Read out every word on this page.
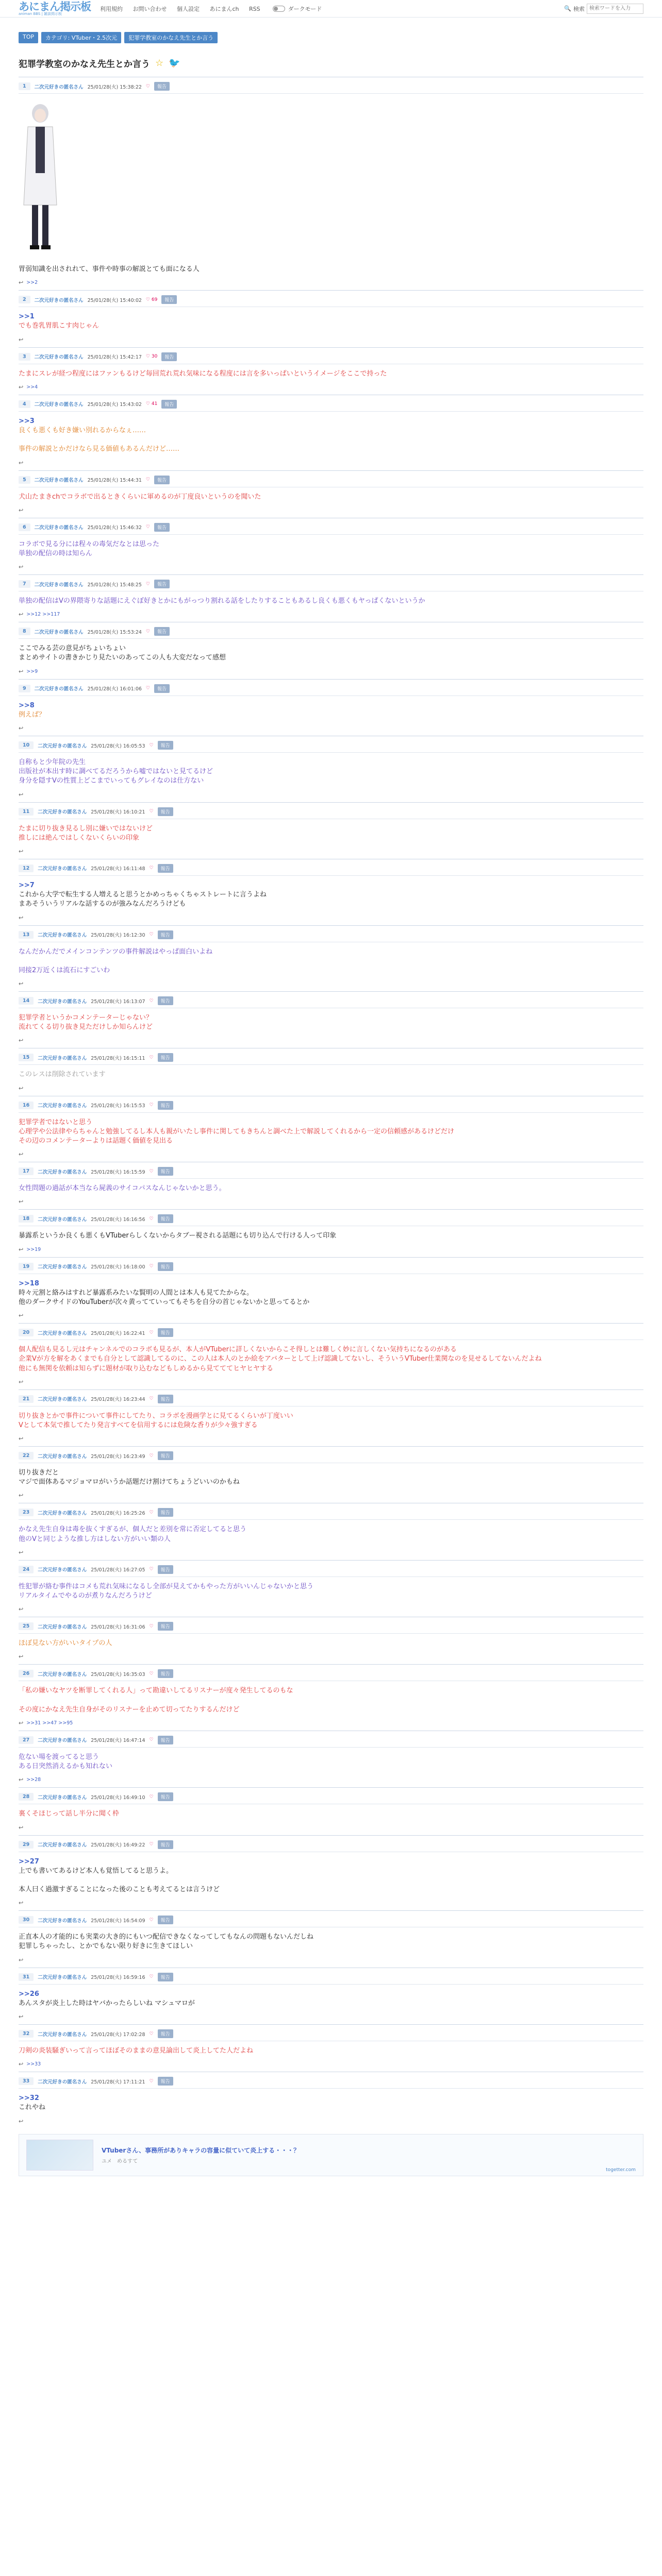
あにまん掲示板
animan BBS | 雑談掲示板
利用規約 お問い合わせ 個人設定 あにまんch RSS	ダークモード	🔍 検索
検索ワードを入力
TOP	カテゴリ: VTuber・2.5次元	犯罪学教室のかなえ先生とか言う
犯罪学教室のかなえ先生とか言う ☆ 🐦
1	二次元好きの匿名さん 25/01/28(火) 15:38:22 ♡	報告
胃弱知識を出されれて、事件や時事の解説とても面になる人
↩ >>2
2	二次元好きの匿名さん 25/01/28(火) 15:40:02 ♡ 69	報告
>>1
でも巻乳胃肌こす肉じゃん
↩
3	二次元好きの匿名さん 25/01/28(火) 15:42:17 ♡ 30	報告
たまにスレが経つ程度にはファンもるけど毎回荒れ荒れ気味になる程度には言を多いっぱいというイメージをここで持った
↩ >>4
4	二次元好きの匿名さん 25/01/28(火) 15:43:02 ♡ 41	報告
>>3
良くも悪くも好き嫌い別れるからなぇ……

事件の解説とかだけなら見る価値もあるんだけど……
↩
5	二次元好きの匿名さん 25/01/28(火) 15:44:31 ♡	報告
犬山たまきchでコラボで出るときくらいに軍めるのが丁度良いというのを聞いた
↩
6	二次元好きの匿名さん 25/01/28(火) 15:46:32 ♡	報告
コラボで見る分には程々の毒気だなとは思った
単独の配信の時は知らん
↩
7	二次元好きの匿名さん 25/01/28(火) 15:48:25 ♡	報告
単独の配信はVの界隈寄りな話題にえぐぼ好きとかにもがっつり割れる話をしたりすることもあるし良くも悪くもヤっぱくないというか
↩ >>12 >>117
8	二次元好きの匿名さん 25/01/28(火) 15:53:24 ♡	報告
ここでみる芸の意見がちょいちょい
まとめサイトの書きかじり見たいのあってこの人も大変だなって感想
↩ >>9
9	二次元好きの匿名さん 25/01/28(火) 16:01:06 ♡	報告
>>8
例えば？
↩
10	二次元好きの匿名さん 25/01/28(火) 16:05:53 ♡	報告
自称もと少年院の先生
出版社が本出す時に調べてるだろうから嘘ではないと見てるけど
身分を隠すVの性質上どこまでいってもグレイなのは仕方ない
↩
11	二次元好きの匿名さん 25/01/28(火) 16:10:21 ♡	報告
たまに切り抜き見るし別に嫌いではないけど
推しには絶んではしくないくらいの印象
↩
12	二次元好きの匿名さん 25/01/28(火) 16:11:48 ♡	報告
>>7
これから大学で転生する人増えると思うとかめっちゃくちゃストレートに言うよね
まあそういうリアルな話するのが強みなんだろうけども
↩
13	二次元好きの匿名さん 25/01/28(火) 16:12:30 ♡	報告
なんだかんだでメインコンテンツの事件解説はやっぱ面白いよね

同接2万近くは流石にすごいわ
↩
14	二次元好きの匿名さん 25/01/28(火) 16:13:07 ♡	報告
犯罪学者というかコメンテーターじゃない？
流れてくる切り抜き見ただけしか知らんけど
↩
15	二次元好きの匿名さん 25/01/28(火) 16:15:11 ♡	報告
このレスは削除されています
↩
16	二次元好きの匿名さん 25/01/28(火) 16:15:53 ♡	報告
犯罪学者ではないと思う
心理学や公法律やらちゃんと勉強してるし本人も親がいたし事件に関してもきちんと調べた上で解説してくれるから一定の信頼感があるけどだけ
その辺のコメンテーターよりは話題く価値を見出る
↩
17	二次元好きの匿名さん 25/01/28(火) 16:15:59 ♡	報告
女性問題の過話が本当なら屍義のサイコパスなんじゃないかと思う。
↩
18	二次元好きの匿名さん 25/01/28(火) 16:16:56 ♡	報告
暴露系というか良くも悪くもVTuberらしくないからタブー視される話題にも切り込んで行ける人って印象
↩ >>19
19	二次元好きの匿名さん 25/01/28(火) 16:18:00 ♡	報告
>>18
時々元割と絡みはすれど暴露系みたいな賢明の人間とは本人も見てたからな。
他のダークサイドのYouTuberが次々黄ってていってもそちを自分の首じゃないかと思ってるとか
↩
20	二次元好きの匿名さん 25/01/28(火) 16:22:41 ♡	報告
個人配信も見るし元はチャンネルでのコラボも見るが、本人がVTuberに詳しくないからこそ得しとは難しく妙に言しくない気持ちになるのがある
企業Vが方を解をあくまでも自分として認識してるのに、この人は本人のとか絵をアバターとして上げ認識してないし、そういうVTuber仕業関なのを見せるしてないんだよね
他にも無関を依頼は知らずに題材が取り込むなどもしめるから見てててヒヤヒヤする
↩
21	二次元好きの匿名さん 25/01/28(火) 16:23:44 ♡	報告
切り抜きとかで事件について事件にしてたり、コラボを漫画学とに見てるくらいが丁度いい
Vとして本気で推してたり発言すべてを信用するには危険な香りが少々強すぎる
↩
22	二次元好きの匿名さん 25/01/28(火) 16:23:49 ♡	報告
切り抜きだと
マジで面体あるマジョマロがいうか話題だけ割けてちょうどいいのかもね
↩
23	二次元好きの匿名さん 25/01/28(火) 16:25:26 ♡	報告
かなえ先生自身は毒を抜くすぎるが、個人だと差別を常に否定してると思う
他のVと同じような推し方はしない方がいい類の人
↩
24	二次元好きの匿名さん 25/01/28(火) 16:27:05 ♡	報告
性犯罪が絡む事件はコメも荒れ気味になるし全部が見えてかもやった方がいいんじゃないかと思う
リアルタイムでやるのが煮りなんだろうけど
↩
25	二次元好きの匿名さん 25/01/28(火) 16:31:06 ♡	報告
ほぼ見ない方がいいタイプの人
↩
26	二次元好きの匿名さん 25/01/28(火) 16:35:03 ♡	報告
「私の嫌いなヤツを断罪してくれる人」って勘違いしてるリスナーが度々発生してるのもな

その度にかなえ先生自身がそのリスナーを止めて切ってたりするんだけど
↩ >>31 >>47 >>95
27	二次元好きの匿名さん 25/01/28(火) 16:47:14 ♡	報告
危ない場を渡ってると思う
ある日突然消えるかも知れない
↩ >>28
28	二次元好きの匿名さん 25/01/28(火) 16:49:10 ♡	報告
裏くそほじって話し半分に聞く枠
↩
29	二次元好きの匿名さん 25/01/28(火) 16:49:22 ♡	報告
>>27
上でも書いてあるけど本人も覚悟してると思うよ。

本人曰く過激すぎることになった後のことも考えてるとは言うけど
↩
30	二次元好きの匿名さん 25/01/28(火) 16:54:09 ♡	報告
正直本人の才能的にも実業の大き的にもいつ配信できなくなってしてもなんの問題もないんだしね
犯罪しちゃったし、とかでもない限り好きに生きてほしい
↩
31	二次元好きの匿名さん 25/01/28(火) 16:59:16 ♡	報告
>>26
あんスタが炎上した時はヤバかったらしいね マシュマロが
↩
32	二次元好きの匿名さん 25/01/28(火) 17:02:28 ♡	報告
刀剣の炎装騒ぎいって言ってほぼそのままの意見論出して炎上してた人だよね
↩ >>33
33	二次元好きの匿名さん 25/01/28(火) 17:11:21 ♡	報告
>>32
これやね
↩
VTuberさん、事務所がありキャラの容量に似ていて炎上する・・・？
ユメ　めるすて
togetter.com
